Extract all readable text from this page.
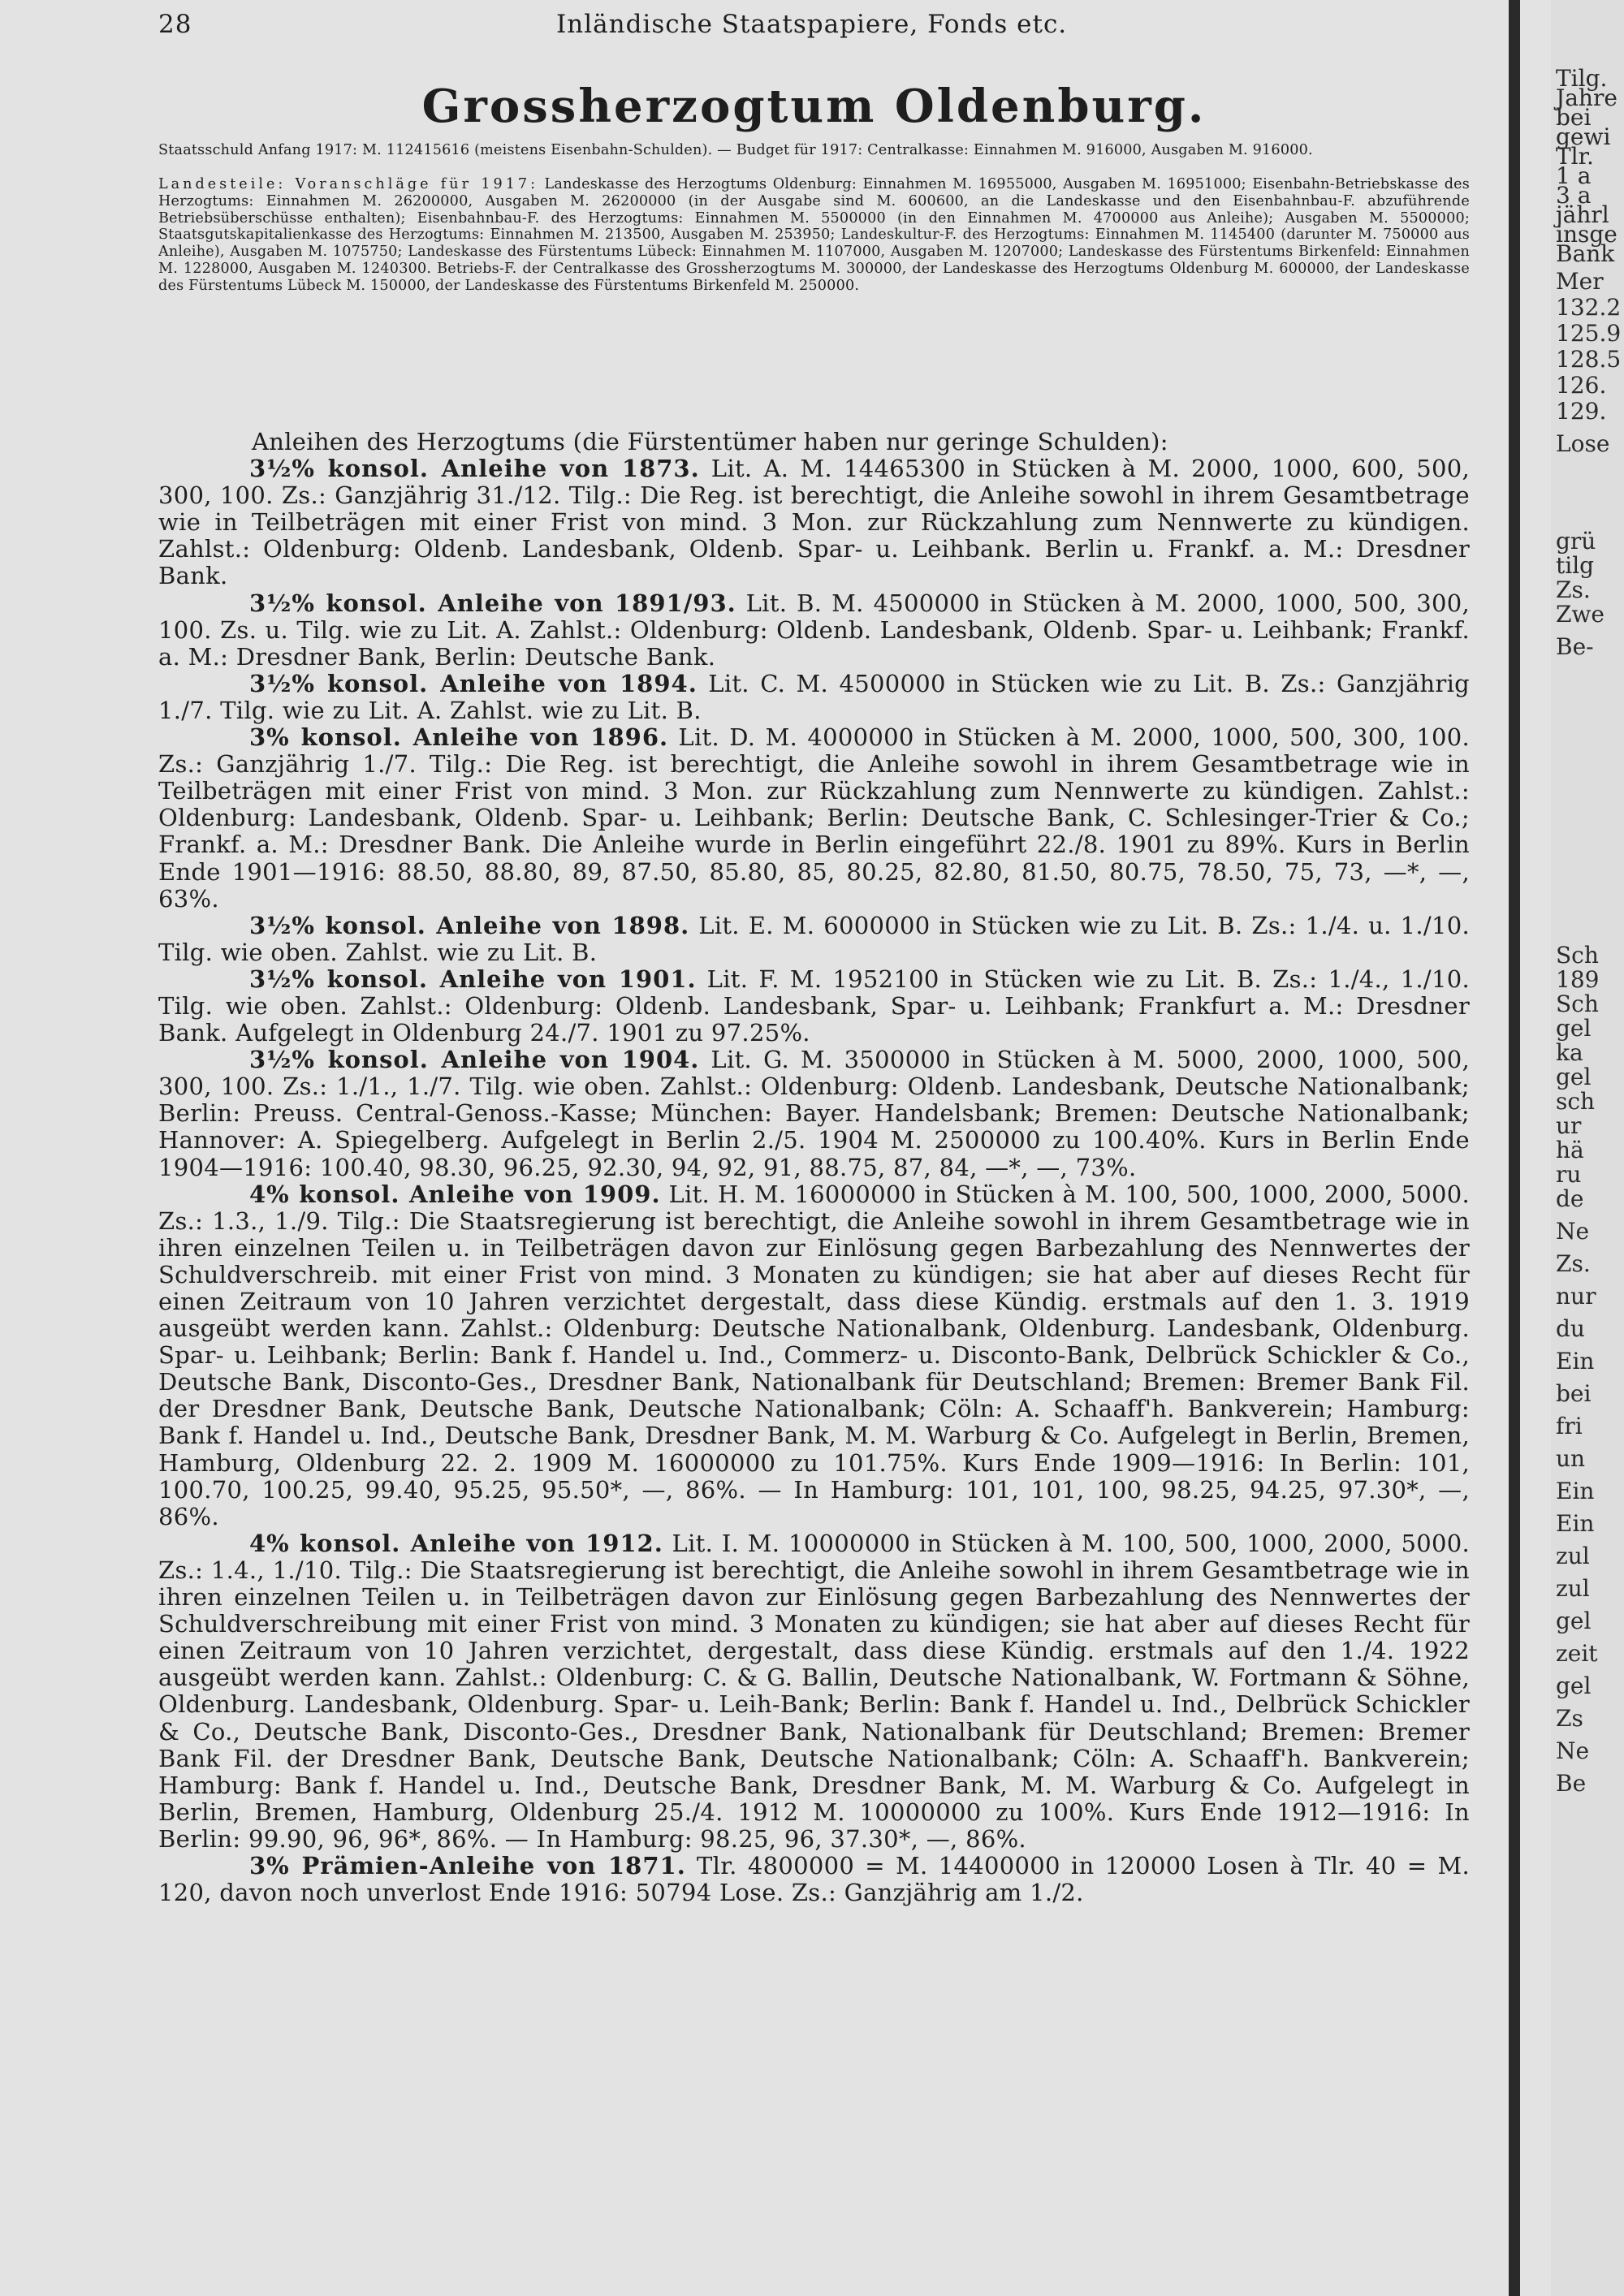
28	Inländische Staatspapiere, Fonds etc.
Grossherzogtum Oldenburg.
Staatsschuld Anfang 1917: M. 112415616 (meistens Eisenbahn-Schulden). — Budget für 1917: Centralkasse: Einnahmen M. 916000, Ausgaben M. 916000.
Landesteile: Voranschläge für 1917: Landeskasse des Herzogtums Oldenburg: Einnahmen M. 16955000, Ausgaben M. 16951000; Eisenbahn-Betriebskasse des Herzogtums: Einnahmen M. 26200000, Ausgaben M. 26200000 (in der Ausgabe sind M. 600600, an die Landeskasse und den Eisenbahnbau-F. abzuführende Betriebsüberschüsse enthalten); Eisenbahnbau-F. des Herzogtums: Einnahmen M. 5500000 (in den Einnahmen M. 4700000 aus Anleihe); Ausgaben M. 5500000; Staatsgutskapitalienkasse des Herzogtums: Einnahmen M. 213500, Ausgaben M. 253950; Landeskultur-F. des Herzogtums: Einnahmen M. 1145400 (darunter M. 750000 aus Anleihe), Ausgaben M. 1075750; Landeskasse des Fürstentums Lübeck: Einnahmen M. 1107000, Ausgaben M. 1207000; Landeskasse des Fürstentums Birkenfeld: Einnahmen M. 1228000, Ausgaben M. 1240300. Betriebs-F. der Centralkasse des Grossherzogtums M. 300000, der Landeskasse des Herzogtums Oldenburg M. 600000, der Landeskasse des Fürstentums Lübeck M. 150000, der Landeskasse des Fürstentums Birkenfeld M. 250000.

Anleihen des Herzogtums (die Fürstentümer haben nur geringe Schulden):

3½% konsol. Anleihe von 1873. Lit. A. M. 14465300 in Stücken à M. 2000, 1000, 600, 500, 300, 100. Zs.: Ganzjährig 31./12. Tilg.: Die Reg. ist berechtigt, die Anleihe sowohl in ihrem Gesamtbetrage wie in Teilbeträgen mit einer Frist von mind. 3 Mon. zur Rückzahlung zum Nennwerte zu kündigen. Zahlst.: Oldenburg: Oldenb. Landesbank, Oldenb. Spar- u. Leihbank. Berlin u. Frankf. a. M.: Dresdner Bank.

3½% konsol. Anleihe von 1891/93. Lit. B. M. 4500000 in Stücken à M. 2000, 1000, 500, 300, 100. Zs. u. Tilg. wie zu Lit. A. Zahlst.: Oldenburg: Oldenb. Landesbank, Oldenb. Spar- u. Leihbank; Frankf. a. M.: Dresdner Bank, Berlin: Deutsche Bank.

3½% konsol. Anleihe von 1894. Lit. C. M. 4500000 in Stücken wie zu Lit. B. Zs.: Ganzjährig 1./7. Tilg. wie zu Lit. A. Zahlst. wie zu Lit. B.

3% konsol. Anleihe von 1896. Lit. D. M. 4000000 in Stücken à M. 2000, 1000, 500, 300, 100. Zs.: Ganzjährig 1./7. Tilg.: Die Reg. ist berechtigt, die Anleihe sowohl in ihrem Gesamtbetrage wie in Teilbeträgen mit einer Frist von mind. 3 Mon. zur Rückzahlung zum Nennwerte zu kündigen. Zahlst.: Oldenburg: Landesbank, Oldenb. Spar- u. Leihbank; Berlin: Deutsche Bank, C. Schlesinger-Trier & Co.; Frankf. a. M.: Dresdner Bank. Die Anleihe wurde in Berlin eingeführt 22./8. 1901 zu 89%. Kurs in Berlin Ende 1901—1916: 88.50, 88.80, 89, 87.50, 85.80, 85, 80.25, 82.80, 81.50, 80.75, 78.50, 75, 73, —*, —, 63%.

3½% konsol. Anleihe von 1898. Lit. E. M. 6000000 in Stücken wie zu Lit. B. Zs.: 1./4. u. 1./10. Tilg. wie oben. Zahlst. wie zu Lit. B.

3½% konsol. Anleihe von 1901. Lit. F. M. 1952100 in Stücken wie zu Lit. B. Zs.: 1./4., 1./10. Tilg. wie oben. Zahlst.: Oldenburg: Oldenb. Landesbank, Spar- u. Leihbank; Frankfurt a. M.: Dresdner Bank. Aufgelegt in Oldenburg 24./7. 1901 zu 97.25%.

3½% konsol. Anleihe von 1904. Lit. G. M. 3500000 in Stücken à M. 5000, 2000, 1000, 500, 300, 100. Zs.: 1./1., 1./7. Tilg. wie oben. Zahlst.: Oldenburg: Oldenb. Landesbank, Deutsche Nationalbank; Berlin: Preuss. Central-Genoss.-Kasse; München: Bayer. Handelsbank; Bremen: Deutsche Nationalbank; Hannover: A. Spiegelberg. Aufgelegt in Berlin 2./5. 1904 M. 2500000 zu 100.40%. Kurs in Berlin Ende 1904—1916: 100.40, 98.30, 96.25, 92.30, 94, 92, 91, 88.75, 87, 84, —*, —, 73%.

4% konsol. Anleihe von 1909. Lit. H. M. 16000000 in Stücken à M. 100, 500, 1000, 2000, 5000. Zs.: 1.3., 1./9. Tilg.: Die Staatsregierung ist berechtigt, die Anleihe sowohl in ihrem Gesamtbetrage wie in ihren einzelnen Teilen u. in Teilbeträgen davon zur Einlösung gegen Barbezahlung des Nennwertes der Schuldverschreib. mit einer Frist von mind. 3 Monaten zu kündigen; sie hat aber auf dieses Recht für einen Zeitraum von 10 Jahren verzichtet dergestalt, dass diese Kündig. erstmals auf den 1. 3. 1919 ausgeübt werden kann. Zahlst.: Oldenburg: Deutsche Nationalbank, Oldenburg. Landesbank, Oldenburg. Spar- u. Leihbank; Berlin: Bank f. Handel u. Ind., Commerz- u. Disconto-Bank, Delbrück Schickler & Co., Deutsche Bank, Disconto-Ges., Dresdner Bank, Nationalbank für Deutschland; Bremen: Bremer Bank Fil. der Dresdner Bank, Deutsche Bank, Deutsche Nationalbank; Cöln: A. Schaaff'h. Bankverein; Hamburg: Bank f. Handel u. Ind., Deutsche Bank, Dresdner Bank, M. M. Warburg & Co. Aufgelegt in Berlin, Bremen, Hamburg, Oldenburg 22. 2. 1909 M. 16000000 zu 101.75%. Kurs Ende 1909—1916: In Berlin: 101, 100.70, 100.25, 99.40, 95.25, 95.50*, —, 86%. — In Hamburg: 101, 101, 100, 98.25, 94.25, 97.30*, —, 86%.

4% konsol. Anleihe von 1912. Lit. I. M. 10000000 in Stücken à M. 100, 500, 1000, 2000, 5000. Zs.: 1.4., 1./10. Tilg.: Die Staatsregierung ist berechtigt, die Anleihe sowohl in ihrem Gesamtbetrage wie in ihren einzelnen Teilen u. in Teilbeträgen davon zur Einlösung gegen Barbezahlung des Nennwertes der Schuldverschreibung mit einer Frist von mind. 3 Monaten zu kündigen; sie hat aber auf dieses Recht für einen Zeitraum von 10 Jahren verzichtet, dergestalt, dass diese Kündig. erstmals auf den 1./4. 1922 ausgeübt werden kann. Zahlst.: Oldenburg: C. & G. Ballin, Deutsche Nationalbank, W. Fortmann & Söhne, Oldenburg. Landesbank, Oldenburg. Spar- u. Leih-Bank; Berlin: Bank f. Handel u. Ind., Delbrück Schickler & Co., Deutsche Bank, Disconto-Ges., Dresdner Bank, Nationalbank für Deutschland; Bremen: Bremer Bank Fil. der Dresdner Bank, Deutsche Bank, Deutsche Nationalbank; Cöln: A. Schaaff'h. Bankverein; Hamburg: Bank f. Handel u. Ind., Deutsche Bank, Dresdner Bank, M. M. Warburg & Co. Aufgelegt in Berlin, Bremen, Hamburg, Oldenburg 25./4. 1912 M. 10000000 zu 100%. Kurs Ende 1912—1916: In Berlin: 99.90, 96, 96*, 86%. — In Hamburg: 98.25, 96, 37.30*, —, 86%.

3% Prämien-Anleihe von 1871. Tlr. 4800000 = M. 14400000 in 120000 Losen à Tlr. 40 = M. 120, davon noch unverlost Ende 1916: 50794 Lose. Zs.: Ganzjährig am 1./2.

Tilg.
Jahre
bei
gewi
Tlr.
1 a
3 a
jährl
insge
Bank
Mer
132.2
125.9
128.5
126.
129.
Lose
grü
tilg
Zs.
Zwe
Be-
Sch
189
Sch
gel
ka
gel
sch
ur
hä
ru
de
Ne
Zs.
nur
du
Ein
bei
fri
un
Ein
Ein
zul
zul
gel
zeit
gel
Zs
Ne
Be
